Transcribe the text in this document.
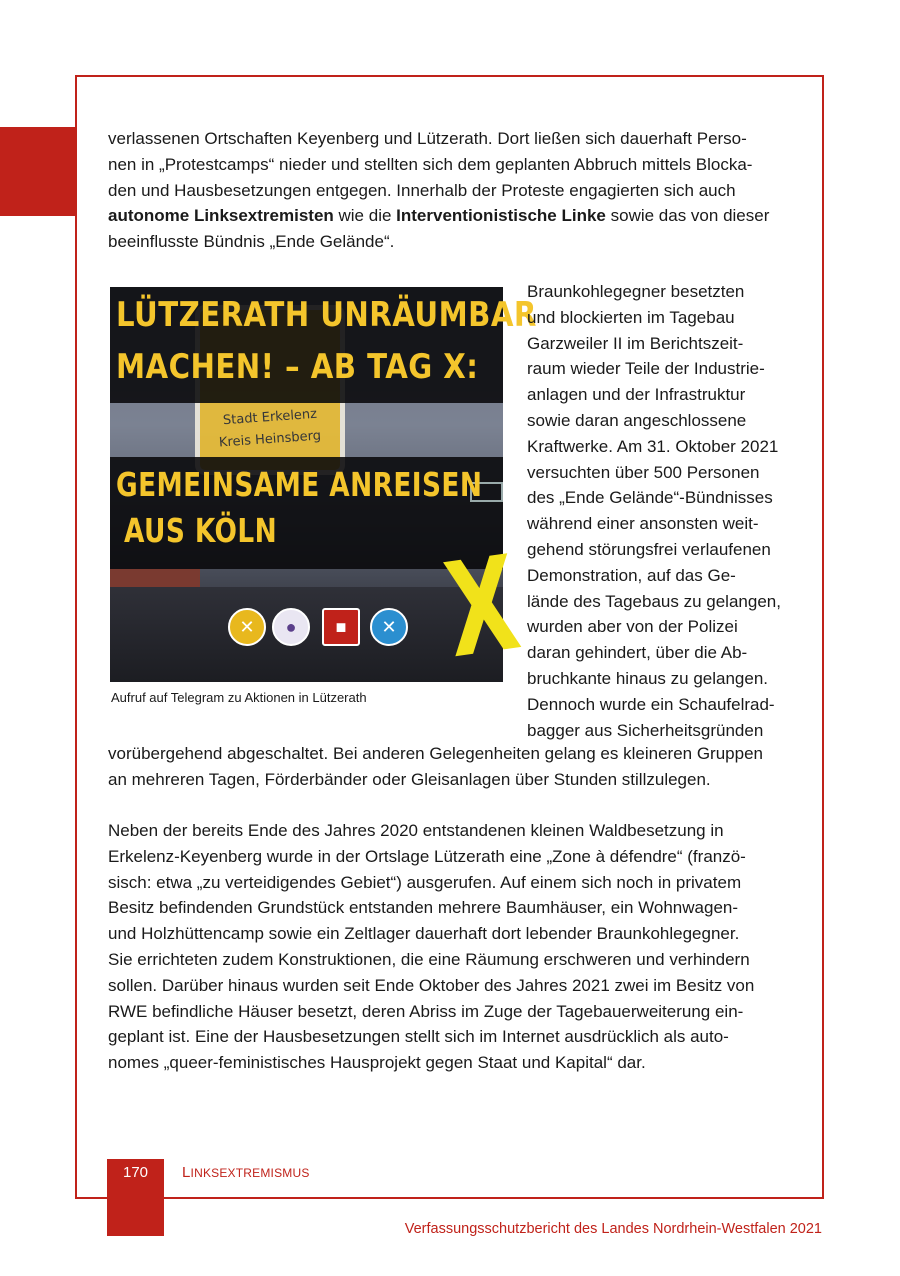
verlassenen Ortschaften Keyenberg und Lützerath. Dort ließen sich dauerhaft Perso-
nen in „Protestcamps“ nieder und stellten sich dem geplanten Abbruch mittels Blocka-
den und Hausbesetzungen entgegen. Innerhalb der Proteste engagierten sich auch
autonome Linksextremisten wie die Interventionistische Linke sowie das von dieser
beeinflusste Bündnis „Ende Gelände“.
Stadt Erkelenz
Kreis Heinsberg
LÜTZERATH UNRÄUMBAR
MACHEN! – AB TAG X:
GEMEINSAME ANREISEN
AUS KÖLN
✕	●	■	✕ X
Aufruf auf Telegram zu Aktionen in Lützerath
Braunkohlegegner besetzten
und blockierten im Tagebau
Garzweiler II im Berichtszeit-
raum wieder Teile der Industrie-
anlagen und der Infrastruktur
sowie daran angeschlossene
Kraftwerke. Am 31. Oktober 2021
versuchten über 500 Personen
des „Ende Gelände“-Bündnisses
während einer ansonsten weit-
gehend störungsfrei verlaufenen
Demonstration, auf das Ge-
lände des Tagebaus zu gelangen,
wurden aber von der Polizei
daran gehindert, über die Ab-
bruchkante hinaus zu gelangen.
Dennoch wurde ein Schaufelrad-
bagger aus Sicherheitsgründen
vorübergehend abgeschaltet. Bei anderen Gelegenheiten gelang es kleineren Gruppen
an mehreren Tagen, Förderbänder oder Gleisanlagen über Stunden stillzulegen.
Neben der bereits Ende des Jahres 2020 entstandenen kleinen Waldbesetzung in
Erkelenz-Keyenberg wurde in der Ortslage Lützerath eine „Zone à défendre“ (franzö-
sisch: etwa „zu verteidigendes Gebiet“) ausgerufen. Auf einem sich noch in privatem
Besitz befindenden Grundstück entstanden mehrere Baumhäuser, ein Wohnwagen-
und Holzhüttencamp sowie ein Zeltlager dauerhaft dort lebender Braunkohlegegner.
Sie errichteten zudem Konstruktionen, die eine Räumung erschweren und verhindern
sollen. Darüber hinaus wurden seit Ende Oktober des Jahres 2021 zwei im Besitz von
RWE befindliche Häuser besetzt, deren Abriss im Zuge der Tagebauerweiterung ein-
geplant ist. Eine der Hausbesetzungen stellt sich im Internet ausdrücklich als auto-
nomes „queer-feministisches Hausprojekt gegen Staat und Kapital“ dar.
170	LINKSEXTREMISMUS
Verfassungsschutzbericht des Landes Nordrhein-Westfalen 2021
